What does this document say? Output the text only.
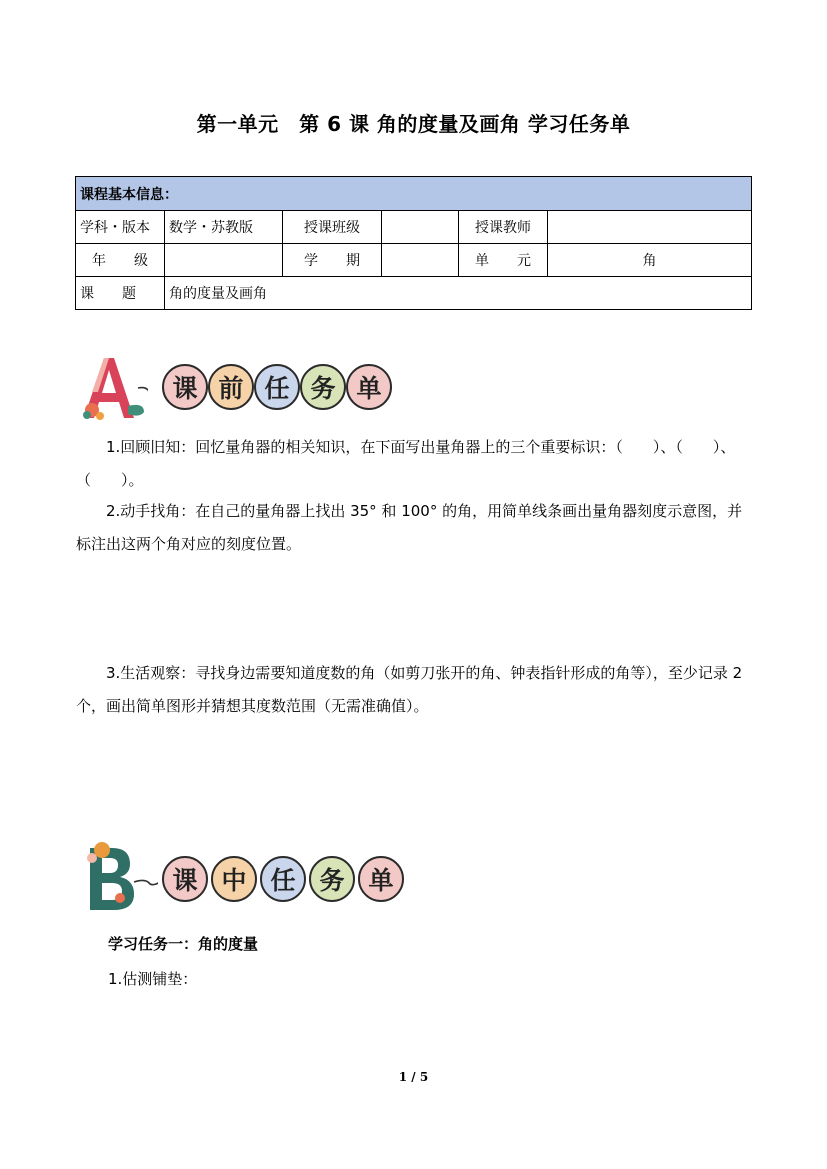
第一单元　第 6 课 角的度量及画角 学习任务单
课程基本信息：					
学科・版本	数学・苏教版	授课班级		授课教师	
年　　级		学　　期		单　　元	角
课　　题	角的度量及画角				
课 前 任 务 单
1.回顾旧知：回忆量角器的相关知识，在下面写出量角器上的三个重要标识：（　　）、（　　）、（　　）。
2.动手找角：在自己的量角器上找出 35° 和 100° 的角，用简单线条画出量角器刻度示意图，并标注出这两个角对应的刻度位置。
3.生活观察：寻找身边需要知道度数的角（如剪刀张开的角、钟表指针形成的角等），至少记录 2 个，画出简单图形并猜想其度数范围（无需准确值）。
课 中 任 务 单
学习任务一：角的度量
1.估测铺垫：
1 / 5
